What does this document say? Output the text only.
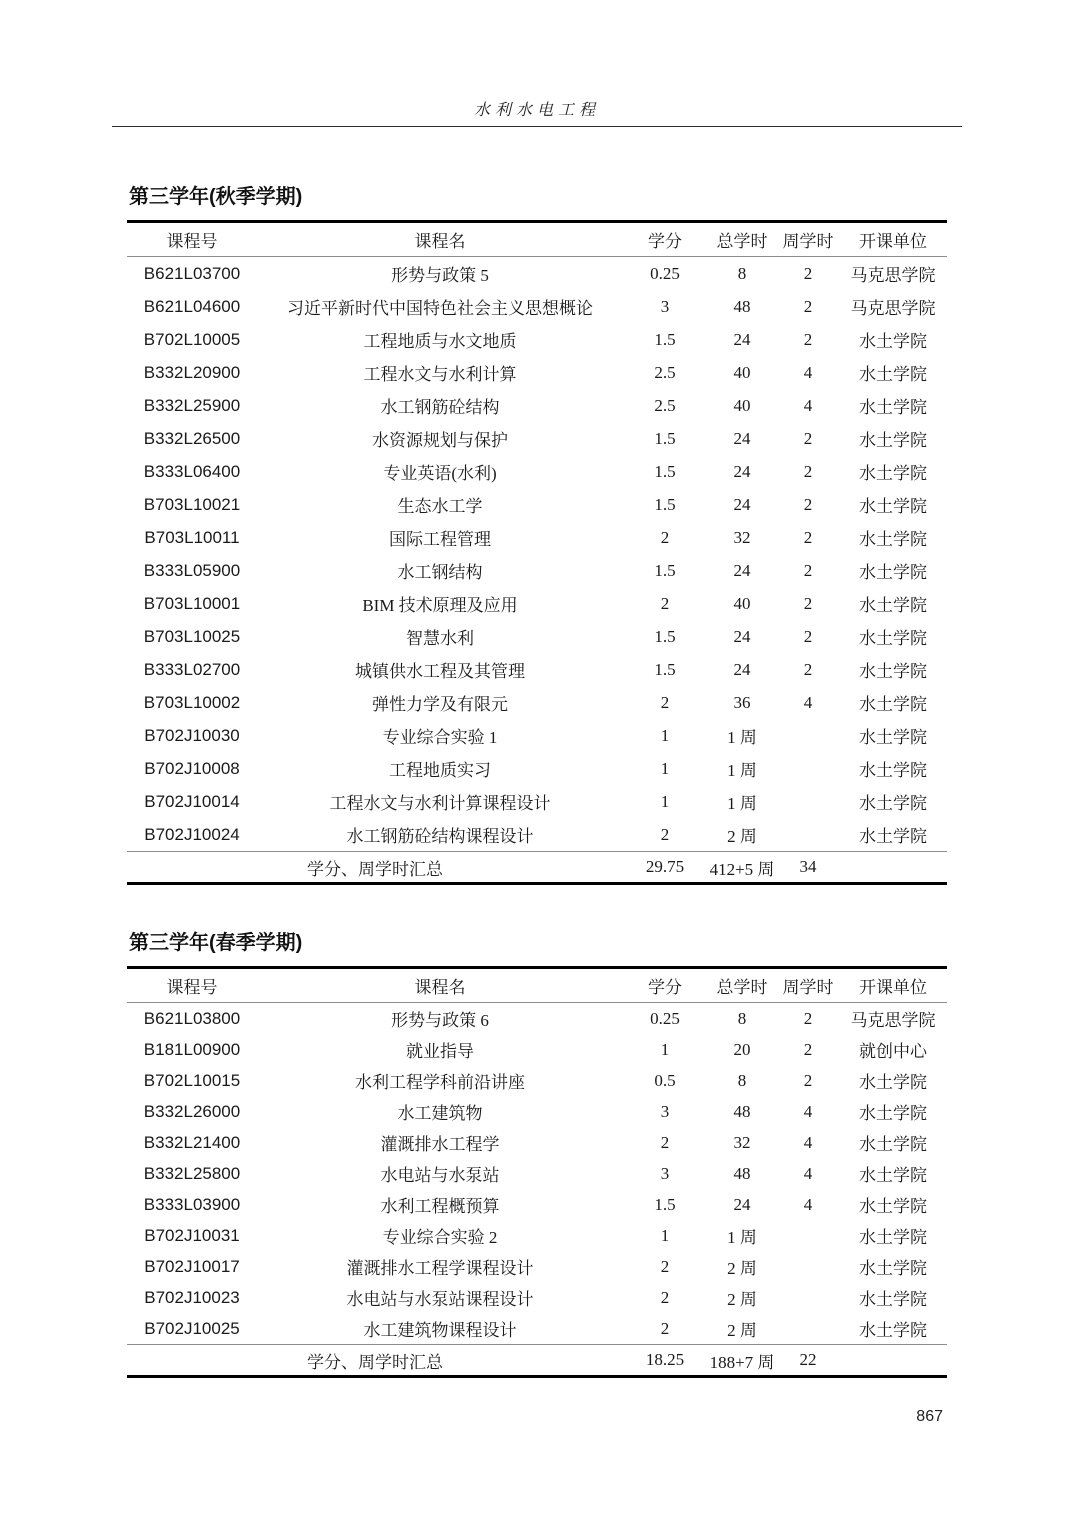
水利水电工程
第三学年(秋季学期)
课程号	课程名	学分	总学时	周学时	开课单位
B621L03700	形势与政策 5	0.25	8	2	马克思学院
B621L04600	习近平新时代中国特色社会主义思想概论	3	48	2	马克思学院
B702L10005	工程地质与水文地质	1.5	24	2	水土学院
B332L20900	工程水文与水利计算	2.5	40	4	水土学院
B332L25900	水工钢筋砼结构	2.5	40	4	水土学院
B332L26500	水资源规划与保护	1.5	24	2	水土学院
B333L06400	专业英语(水利)	1.5	24	2	水土学院
B703L10021	生态水工学	1.5	24	2	水土学院
B703L10011	国际工程管理	2	32	2	水土学院
B333L05900	水工钢结构	1.5	24	2	水土学院
B703L10001	BIM 技术原理及应用	2	40	2	水土学院
B703L10025	智慧水利	1.5	24	2	水土学院
B333L02700	城镇供水工程及其管理	1.5	24	2	水土学院
B703L10002	弹性力学及有限元	2	36	4	水土学院
B702J10030	专业综合实验 1	1	1 周		水土学院
B702J10008	工程地质实习	1	1 周		水土学院
B702J10014	工程水文与水利计算课程设计	1	1 周		水土学院
B702J10024	水工钢筋砼结构课程设计	2	2 周		水土学院
学分、周学时汇总		29.75	412+5 周	34	
第三学年(春季学期)
课程号	课程名	学分	总学时	周学时	开课单位
B621L03800	形势与政策 6	0.25	8	2	马克思学院
B181L00900	就业指导	1	20	2	就创中心
B702L10015	水利工程学科前沿讲座	0.5	8	2	水土学院
B332L26000	水工建筑物	3	48	4	水土学院
B332L21400	灌溉排水工程学	2	32	4	水土学院
B332L25800	水电站与水泵站	3	48	4	水土学院
B333L03900	水利工程概预算	1.5	24	4	水土学院
B702J10031	专业综合实验 2	1	1 周		水土学院
B702J10017	灌溉排水工程学课程设计	2	2 周		水土学院
B702J10023	水电站与水泵站课程设计	2	2 周		水土学院
B702J10025	水工建筑物课程设计	2	2 周		水土学院
学分、周学时汇总		18.25	188+7 周	22	
867
